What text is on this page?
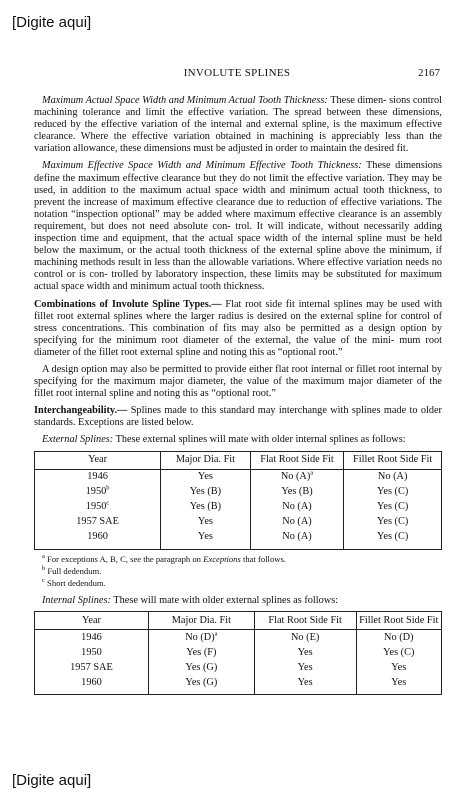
[Digite aqui]
INVOLUTE SPLINES	2167

Maximum Actual Space Width and Minimum Actual Tooth Thickness: These dimen- sions control machining tolerance and limit the effective variation. The spread between these dimensions, reduced by the effective variation of the internal and external spline, is the maximum effective clearance. Where the effective variation obtained in machining is appreciably less than the variation allowance, these dimensions must be adjusted in order to maintain the desired fit.

Maximum Effective Space Width and Minimum Effective Tooth Thickness: These dimensions define the maximum effective clearance but they do not limit the effective variation. They may be used, in addition to the maximum actual space width and minimum actual tooth thickness, to prevent the increase of maximum effective clearance due to reduction of effective variations. The notation “inspection optional” may be added where maximum effective clearance is an assembly requirement, but does not need absolute con- trol. It will indicate, without necessarily adding inspection time and equipment, that the actual space width of the internal spline must be held below the maximum, or the actual tooth thickness of the external spline above the minimum, if machining methods result in less than the allowable variations. Where effective variation needs no control or is con- trolled by laboratory inspection, these limits may be substituted for maximum actual space width and minimum actual tooth thickness.

Combinations of Involute Spline Types.— Flat root side fit internal splines may be used with fillet root external splines where the larger radius is desired on the external spline for control of stress concentrations. This combination of fits may also be permitted as a design option by specifying for the minimum root diameter of the external, the value of the mini- mum root diameter of the fillet root external spline and noting this as “optional root.”

A design option may also be permitted to provide either flat root internal or fillet root internal by specifying for the maximum major diameter, the value of the maximum major diameter of the fillet root internal spline and noting this as “optional root.”

Interchangeability.— Splines made to this standard may interchange with splines made to older standards. Exceptions are listed below.

External Splines: These external splines will mate with older internal splines as follows:

Year	Major Dia. Fit	Flat Root Side Fit	Fillet Root Side Fit
1946	Yes	No $(A)^a$	No (A)
1950$^b$	Yes (B)	Yes (B)	Yes (C)
1950$^c$	Yes (B)	No (A)	Yes (C)
1957 SAE	Yes	No (A)	Yes (C)
1960	Yes	No (A)	Yes (C)
$^a$ For exceptions A, B, C, see the paragraph on Exceptions that follows.
$^b$ Full dedendum.
$^c$ Short dedendum.

Internal Splines: These will mate with older external splines as follows:

Year	Major Dia. Fit	Flat Root Side Fit	Fillet Root Side Fit
1946	No $(D)^a$	No (E)	No (D)
1950	Yes (F)	Yes	Yes (C)
1957 SAE	Yes (G)	Yes	Yes
1960	Yes (G)	Yes	Yes
[Digite aqui]
